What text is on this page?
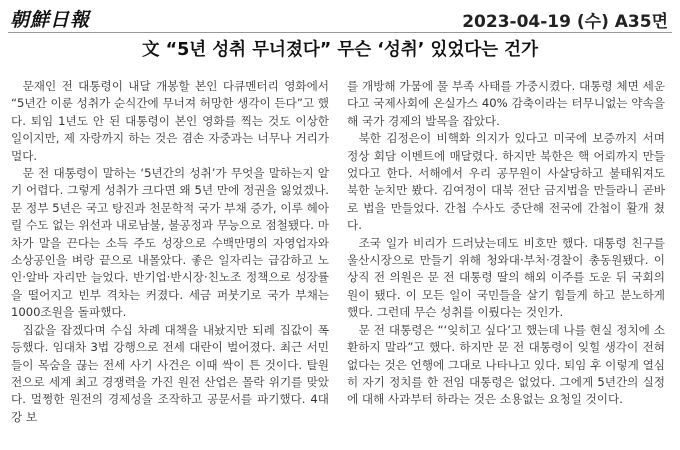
朝鮮日報	2023-04-19 (수) A35면
文 “5년 성취 무너졌다” 무슨 ‘성취’ 있었다는 건가

문재인 전 대통령이 내달 개봉할 본인 다큐멘터리 영화에서 “5년간 이룬 성취가 순식간에 무너져 허망한 생각이 든다”고 했다. 퇴임 1년도 안 된 대통령이 본인 영화를 찍는 것도 이상한 일이지만, 제 자랑까지 하는 것은 겸손 자중과는 너무나 거리가 멀다.

문 전 대통령이 말하는 ‘5년간의 성취’가 무엇을 말하는지 알기 어렵다. 그렇게 성취가 크다면 왜 5년 만에 정권을 잃었겠나. 문 정부 5년은 국고 탕진과 천문학적 국가 부채 증가, 이루 헤아릴 수도 없는 위선과 내로남불, 불공정과 무능으로 점철됐다. 마차가 말을 끈다는 소득 주도 성장으로 수백만명의 자영업자와 소상공인을 벼랑 끝으로 내몰았다. 좋은 일자리는 급감하고 노인·알바 자리만 늘었다. 반기업·반시장·친노조 정책으로 성장률을 떨어지고 빈부 격차는 커졌다. 세금 퍼붓기로 국가 부채는 1000조원을 돌파했다.

집값을 잡겠다며 수십 차례 대책을 내놨지만 되레 집값이 폭등했다. 임대차 3법 강행으로 전세 대란이 벌어졌다. 최근 서민들이 목숨을 끊는 전세 사기 사건은 이때 싹이 튼 것이다. 탈원전으로 세계 최고 경쟁력을 가진 원전 산업은 몰락 위기를 맞았다. 멀쩡한 원전의 경제성을 조작하고 공문서를 파기했다. 4대강 보

를 개방해 가뭄에 물 부족 사태를 가중시켰다. 대통령 체면 세운다고 국제사회에 온실가스 40% 감축이라는 터무니없는 약속을 해 국가 경제의 발목을 잡았다.

북한 김정은이 비핵화 의지가 있다고 미국에 보증까지 서며 정상 회담 이벤트에 매달렸다. 하지만 북한은 핵 어뢰까지 만들었다고 한다. 서해에서 우리 공무원이 사살당하고 불태워져도 북한 눈치만 봤다. 김여정이 대북 전단 금지법을 만들라니 곧바로 법을 만들었다. 간첩 수사도 중단해 전국에 간첩이 활개 쳤다.

조국 일가 비리가 드러났는데도 비호만 했다. 대통령 친구를 울산시장으로 만들기 위해 청와대·부처·경찰이 총동원됐다. 이상직 전 의원은 문 전 대통령 딸의 해외 이주를 도운 뒤 국회의원이 됐다. 이 모든 일이 국민들을 살기 힘들게 하고 분노하게 했다. 그런데 무슨 성취를 이뤘다는 것인가.

문 전 대통령은 “‘잊히고 싶다’고 했는데 나를 현실 정치에 소환하지 말라”고 했다. 하지만 문 전 대통령이 잊힐 생각이 전혀 없다는 것은 언행에 그대로 나타나고 있다. 퇴임 후 이렇게 열심히 자기 정치를 한 전임 대통령은 없었다. 그에게 5년간의 실정에 대해 사과부터 하라는 것은 소용없는 요청일 것이다.
